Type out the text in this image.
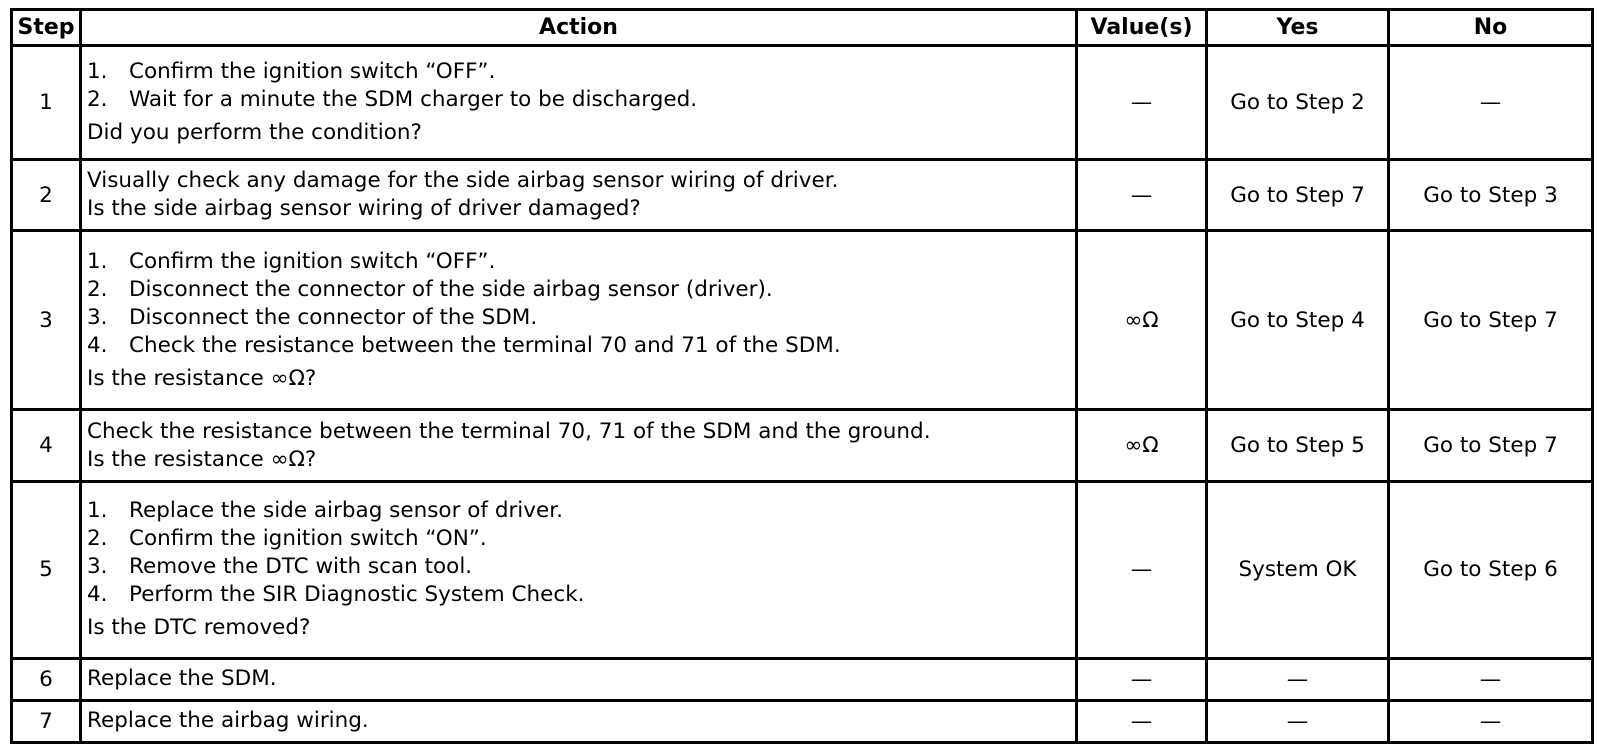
Step	Action	Value(s)	Yes	No
1	1. Confirm the ignition switch “OFF”.
2. Wait for a minute the SDM charger to be discharged.
Did you perform the condition?	—	Go to Step 2	—
2	Visually check any damage for the side airbag sensor wiring of driver.
Is the side airbag sensor wiring of driver damaged?	—	Go to Step 7	Go to Step 3
3	1. Confirm the ignition switch “OFF”.
2. Disconnect the connector of the side airbag sensor (driver).
3. Disconnect the connector of the SDM.
4. Check the resistance between the terminal 70 and 71 of the SDM.
Is the resistance ∞Ω?	∞Ω	Go to Step 4	Go to Step 7
4	Check the resistance between the terminal 70, 71 of the SDM and the ground.
Is the resistance ∞Ω?	∞Ω	Go to Step 5	Go to Step 7
5	1. Replace the side airbag sensor of driver.
2. Confirm the ignition switch “ON”.
3. Remove the DTC with scan tool.
4. Perform the SIR Diagnostic System Check.
Is the DTC removed?	—	System OK	Go to Step 6
6	Replace the SDM.	—	—	—
7	Replace the airbag wiring.	—	—	—
